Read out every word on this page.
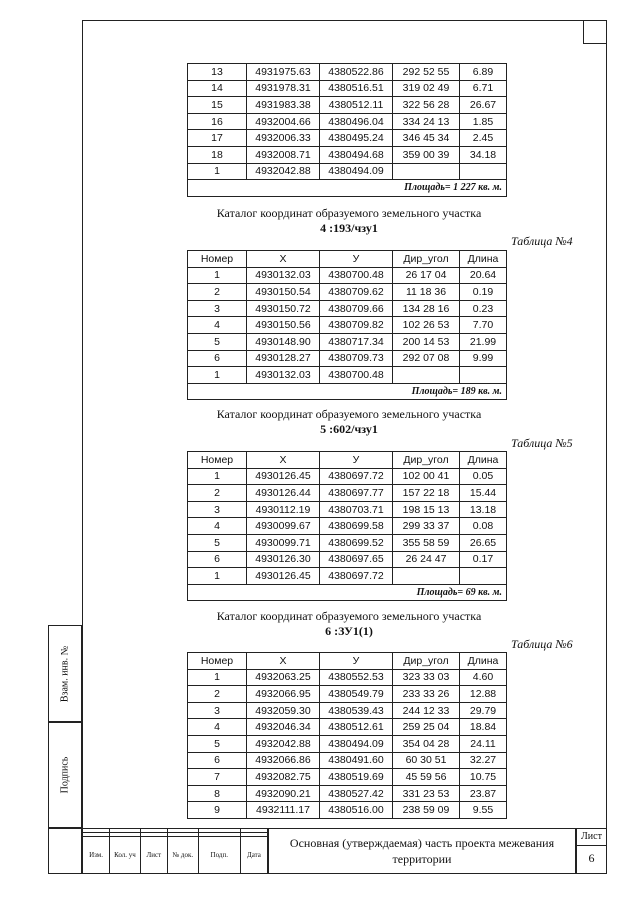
Взам. инв. №
Подпись
13	4931975.63	4380522.86	292 52 55	6.89
14	4931978.31	4380516.51	319 02 49	6.71
15	4931983.38	4380512.11	322 56 28	26.67
16	4932004.66	4380496.04	334 24 13	1.85
17	4932006.33	4380495.24	346 45 34	2.45
18	4932008.71	4380494.68	359 00 39	34.18
1	4932042.88	4380494.09		
Площадь= 1 227 кв. м.				
Каталог координат образуемого земельного участка
4 :193/чзу1
Таблица №4
Номер	X	У	Дир_угол	Длина
1	4930132.03	4380700.48	26 17 04	20.64
2	4930150.54	4380709.62	11 18 36	0.19
3	4930150.72	4380709.66	134 28 16	0.23
4	4930150.56	4380709.82	102 26 53	7.70
5	4930148.90	4380717.34	200 14 53	21.99
6	4930128.27	4380709.73	292 07 08	9.99
1	4930132.03	4380700.48		
Площадь= 189 кв. м.				
Каталог координат образуемого земельного участка
5 :602/чзу1
Таблица №5
Номер	X	У	Дир_угол	Длина
1	4930126.45	4380697.72	102 00 41	0.05
2	4930126.44	4380697.77	157 22 18	15.44
3	4930112.19	4380703.71	198 15 13	13.18
4	4930099.67	4380699.58	299 33 37	0.08
5	4930099.71	4380699.52	355 58 59	26.65
6	4930126.30	4380697.65	26 24 47	0.17
1	4930126.45	4380697.72		
Площадь= 69 кв. м.				
Каталог координат образуемого земельного участка
6 :ЗУ1(1)
Таблица №6
Номер	X	У	Дир_угол	Длина
1	4932063.25	4380552.53	323 33 03	4.60
2	4932066.95	4380549.79	233 33 26	12.88
3	4932059.30	4380539.43	244 12 33	29.79
4	4932046.34	4380512.61	259 25 04	18.84
5	4932042.88	4380494.09	354 04 28	24.11
6	4932066.86	4380491.60	60 30 51	32.27
7	4932082.75	4380519.69	45 59 56	10.75
8	4932090.21	4380527.42	331 23 53	23.87
9	4932111.17	4380516.00	238 59 09	9.55

Изм.	Кол. уч	Лист	№ док.	Подп.	Дата
Основная (утверждаемая) часть проекта межевания
территории
Лист
6
